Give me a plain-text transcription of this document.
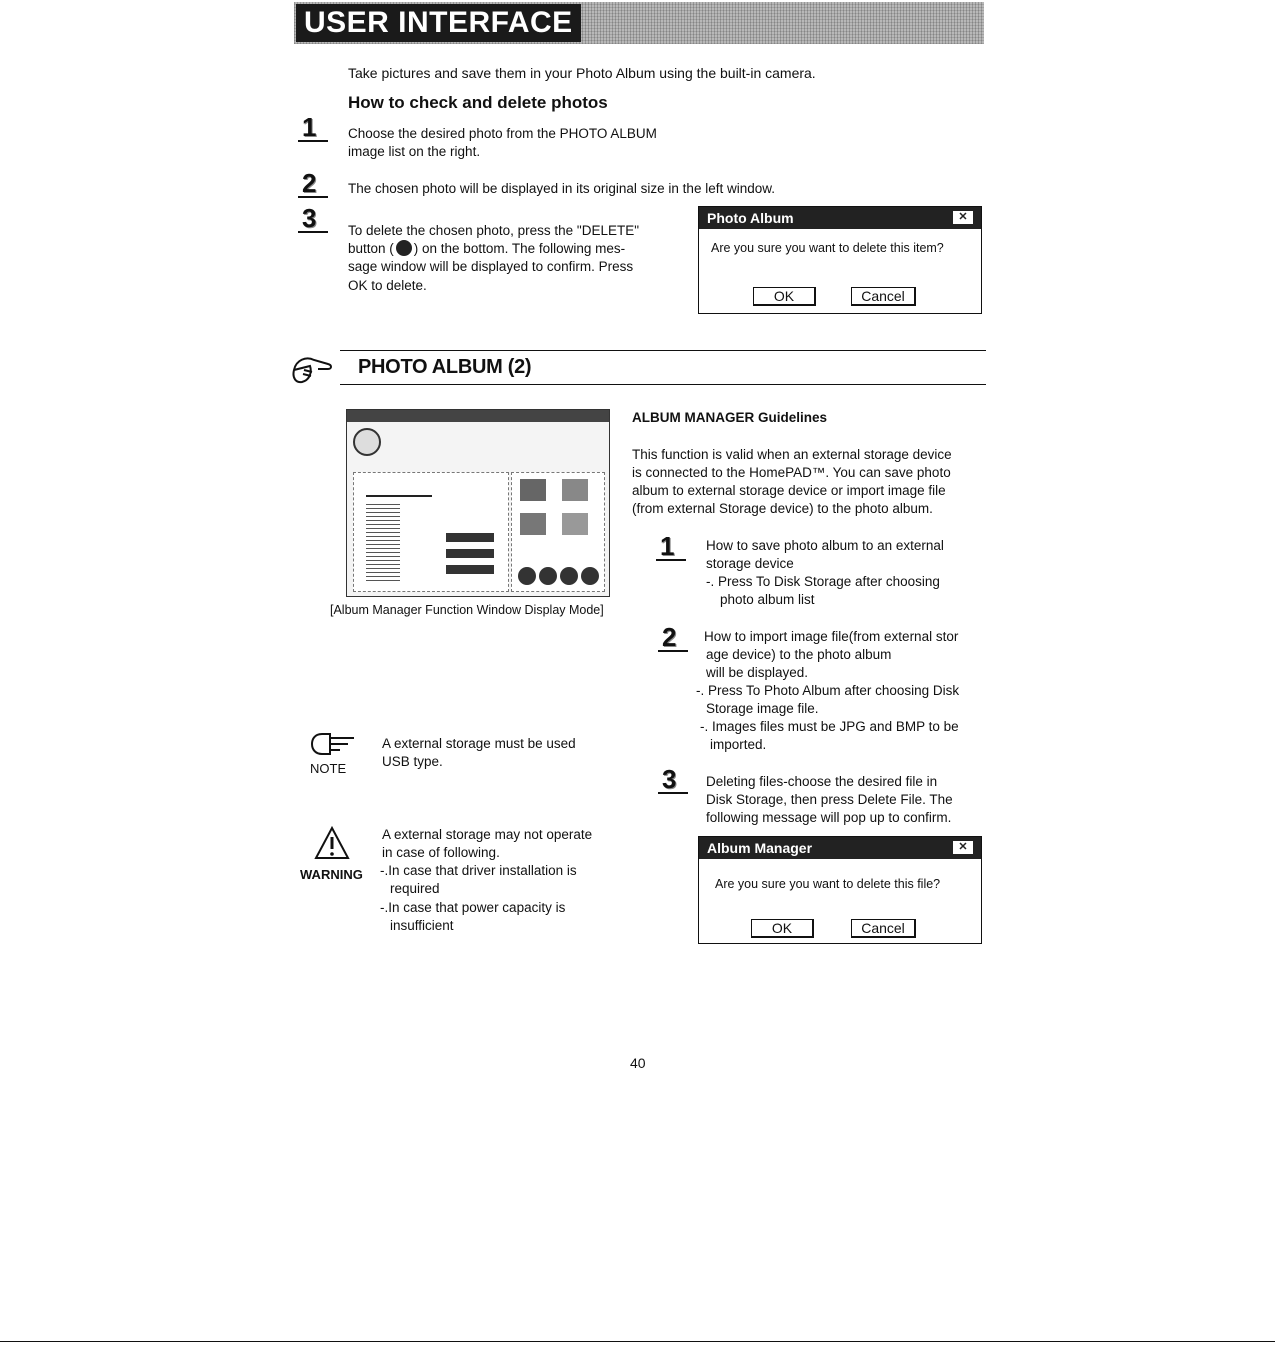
USER INTERFACE
Take pictures and save them in your Photo Album using the built-in camera.
How to check and delete photos
1	Choose the desired photo from the PHOTO ALBUM
image list on the right.
2	The chosen photo will be displayed in its original size in the left window.
3	To delete the chosen photo, press the "DELETE"
button ( ) on the bottom. The following mes-
sage window will be displayed to confirm. Press
OK to delete.
Photo Album	✕
Are you sure you want to delete this item?
OK	Cancel
PHOTO ALBUM (2)
[Album Manager Function Window Display Mode]
ALBUM MANAGER Guidelines
This function is valid when an external storage device
is connected to the HomePAD™. You can save photo
album to external storage device or import image file
(from external Storage device) to the photo album.
1	How to save photo album to an external
storage device
-. Press To Disk Storage after choosing
photo album list
2	How to import image file(from external stor
age device) to the photo album
will be displayed.
-. Press To Photo Album after choosing Disk
Storage image file.
-. Images files must be JPG and BMP to be
imported.
3	Deleting files-choose the desired file in
Disk Storage, then press Delete File. The
following message will pop up to confirm.
Album Manager	✕
Are you sure you want to delete this file?
OK	Cancel
NOTE
A external storage must be used
USB type.
WARNING
A external storage may not operate
in case of following.
-.In case that driver installation is
required
-.In case that power capacity is
insufficient
40
